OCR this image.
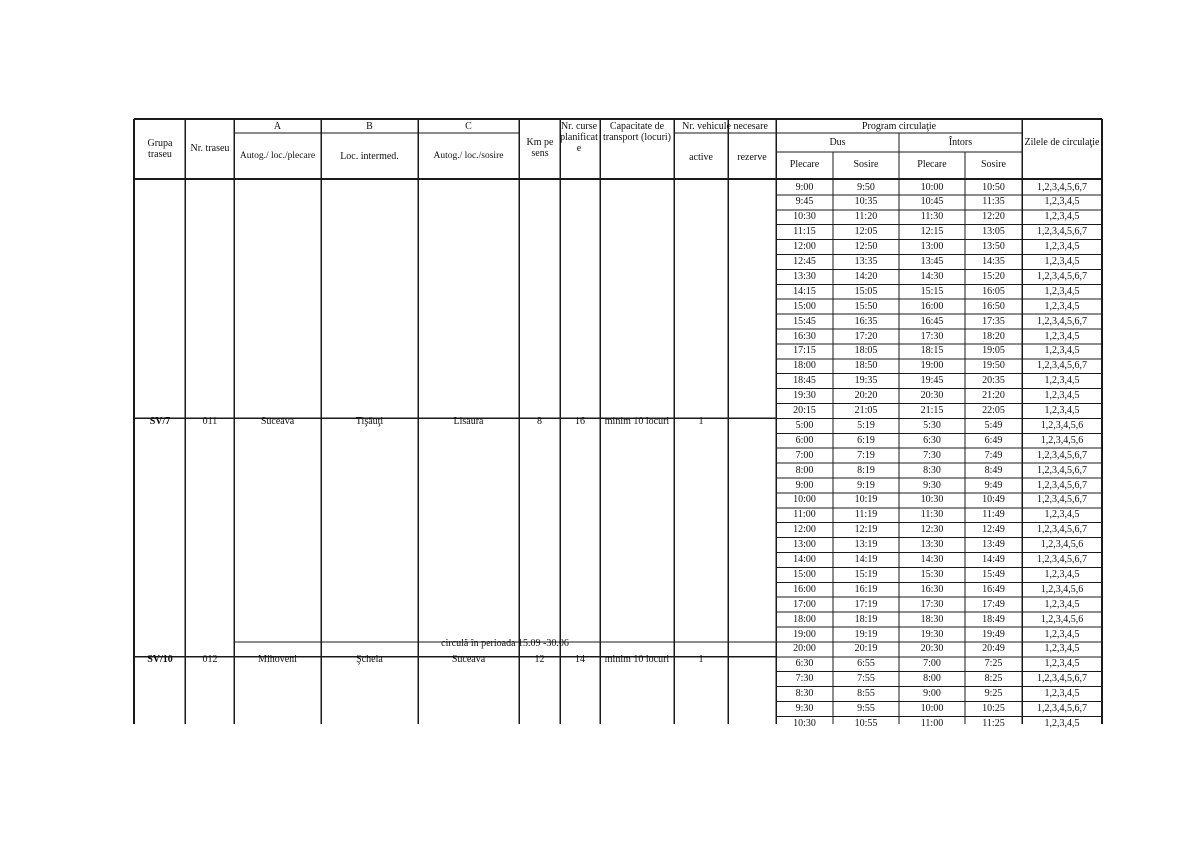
Grupa traseu
Nr. traseu
A	B	C
Autog./ loc./plecare	Loc. intermed.	Autog./ loc./sosire
Km pe sens
Nr. curse planificate
Capacitate de transport (locuri)
Nr. vehicule necesare
active	rezerve
Program circulaţie
Dus	Întors
Plecare	Sosire	Plecare	Sosire
Zilele de circulaţie
SV/7	011	Suceava	Tişăuţi	Lisaura	8	16	minim 10 locuri	1
circulă în perioada 15.09 -30.06
SV/10	012	Mihoveni	Şcheia	Suceava	12	14	minim 10 locuri	1
9:00	9:50	10:00	10:50	1,2,3,4,5,6,7
9:45	10:35	10:45	11:35	1,2,3,4,5
10:30	11:20	11:30	12:20	1,2,3,4,5
11:15	12:05	12:15	13:05	1,2,3,4,5,6,7
12:00	12:50	13:00	13:50	1,2,3,4,5
12:45	13:35	13:45	14:35	1,2,3,4,5
13:30	14:20	14:30	15:20	1,2,3,4,5,6,7
14:15	15:05	15:15	16:05	1,2,3,4,5
15:00	15:50	16:00	16:50	1,2,3,4,5
15:45	16:35	16:45	17:35	1,2,3,4,5,6,7
16:30	17:20	17:30	18:20	1,2,3,4,5
17:15	18:05	18:15	19:05	1,2,3,4,5
18:00	18:50	19:00	19:50	1,2,3,4,5,6,7
18:45	19:35	19:45	20:35	1,2,3,4,5
19:30	20:20	20:30	21:20	1,2,3,4,5
20:15	21:05	21:15	22:05	1,2,3,4,5
5:00	5:19	5:30	5:49	1,2,3,4,5,6
6:00	6:19	6:30	6:49	1,2,3,4,5,6
7:00	7:19	7:30	7:49	1,2,3,4,5,6,7
8:00	8:19	8:30	8:49	1,2,3,4,5,6,7
9:00	9:19	9:30	9:49	1,2,3,4,5,6,7
10:00	10:19	10:30	10:49	1,2,3,4,5,6,7
11:00	11:19	11:30	11:49	1,2,3,4,5
12:00	12:19	12:30	12:49	1,2,3,4,5,6,7
13:00	13:19	13:30	13:49	1,2,3,4,5,6
14:00	14:19	14:30	14:49	1,2,3,4,5,6,7
15:00	15:19	15:30	15:49	1,2,3,4,5
16:00	16:19	16:30	16:49	1,2,3,4,5,6
17:00	17:19	17:30	17:49	1,2,3,4,5
18:00	18:19	18:30	18:49	1,2,3,4,5,6
19:00	19:19	19:30	19:49	1,2,3,4,5
20:00	20:19	20:30	20:49	1,2,3,4,5
6:30	6:55	7:00	7:25	1,2,3,4,5
7:30	7:55	8:00	8:25	1,2,3,4,5,6,7
8:30	8:55	9:00	9:25	1,2,3,4,5
9:30	9:55	10:00	10:25	1,2,3,4,5,6,7
10:30	10:55	11:00	11:25	1,2,3,4,5
